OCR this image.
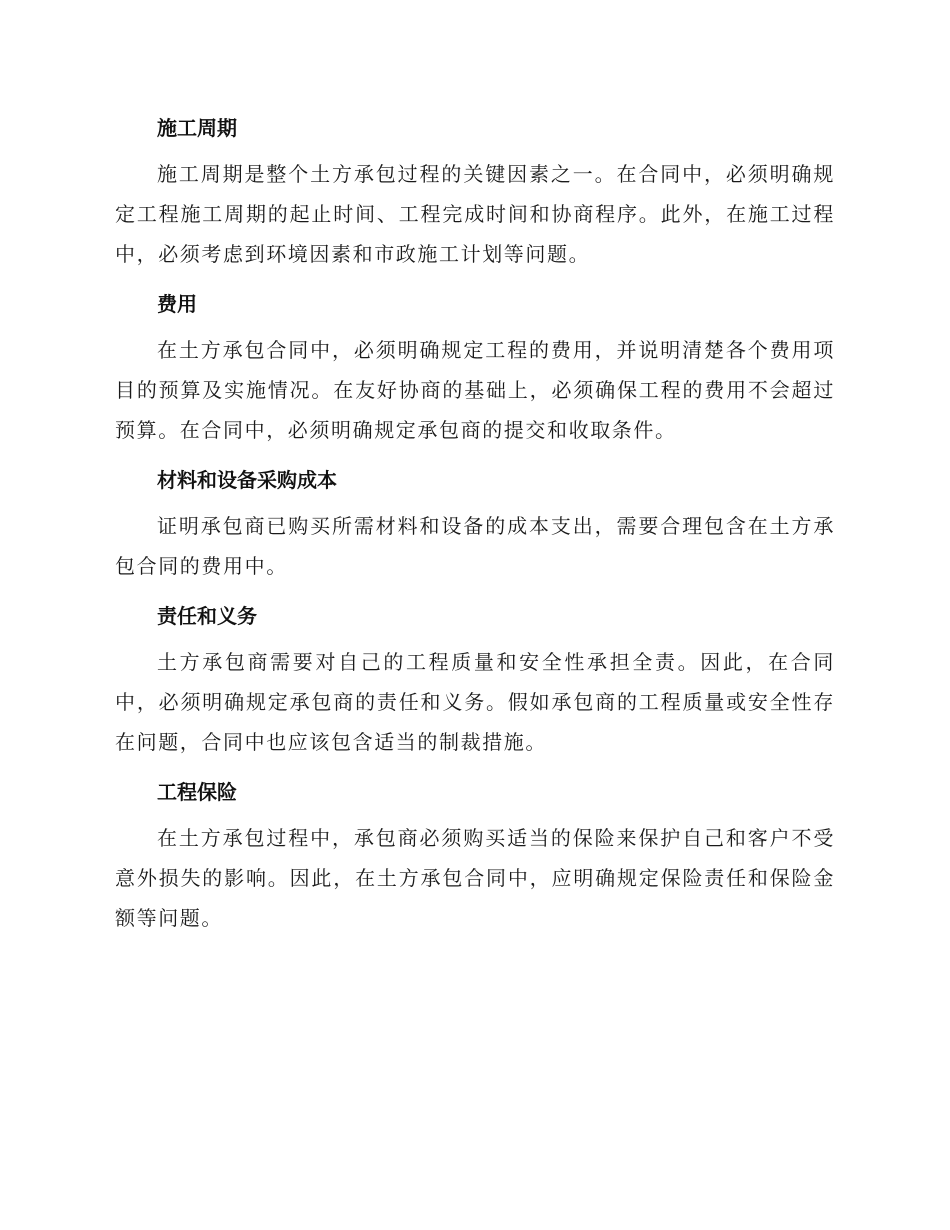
施工周期

施工周期是整个土方承包过程的关键因素之一。在合同中，必须明确规定工程施工周期的起止时间、工程完成时间和协商程序。此外，在施工过程中，必须考虑到环境因素和市政施工计划等问题。

费用

在土方承包合同中，必须明确规定工程的费用，并说明清楚各个费用项目的预算及实施情况。在友好协商的基础上，必须确保工程的费用不会超过预算。在合同中，必须明确规定承包商的提交和收取条件。

材料和设备采购成本

证明承包商已购买所需材料和设备的成本支出，需要合理包含在土方承包合同的费用中。

责任和义务

土方承包商需要对自己的工程质量和安全性承担全责。因此，在合同中，必须明确规定承包商的责任和义务。假如承包商的工程质量或安全性存在问题，合同中也应该包含适当的制裁措施。

工程保险

在土方承包过程中，承包商必须购买适当的保险来保护自己和客户不受意外损失的影响。因此，在土方承包合同中，应明确规定保险责任和保险金额等问题。
